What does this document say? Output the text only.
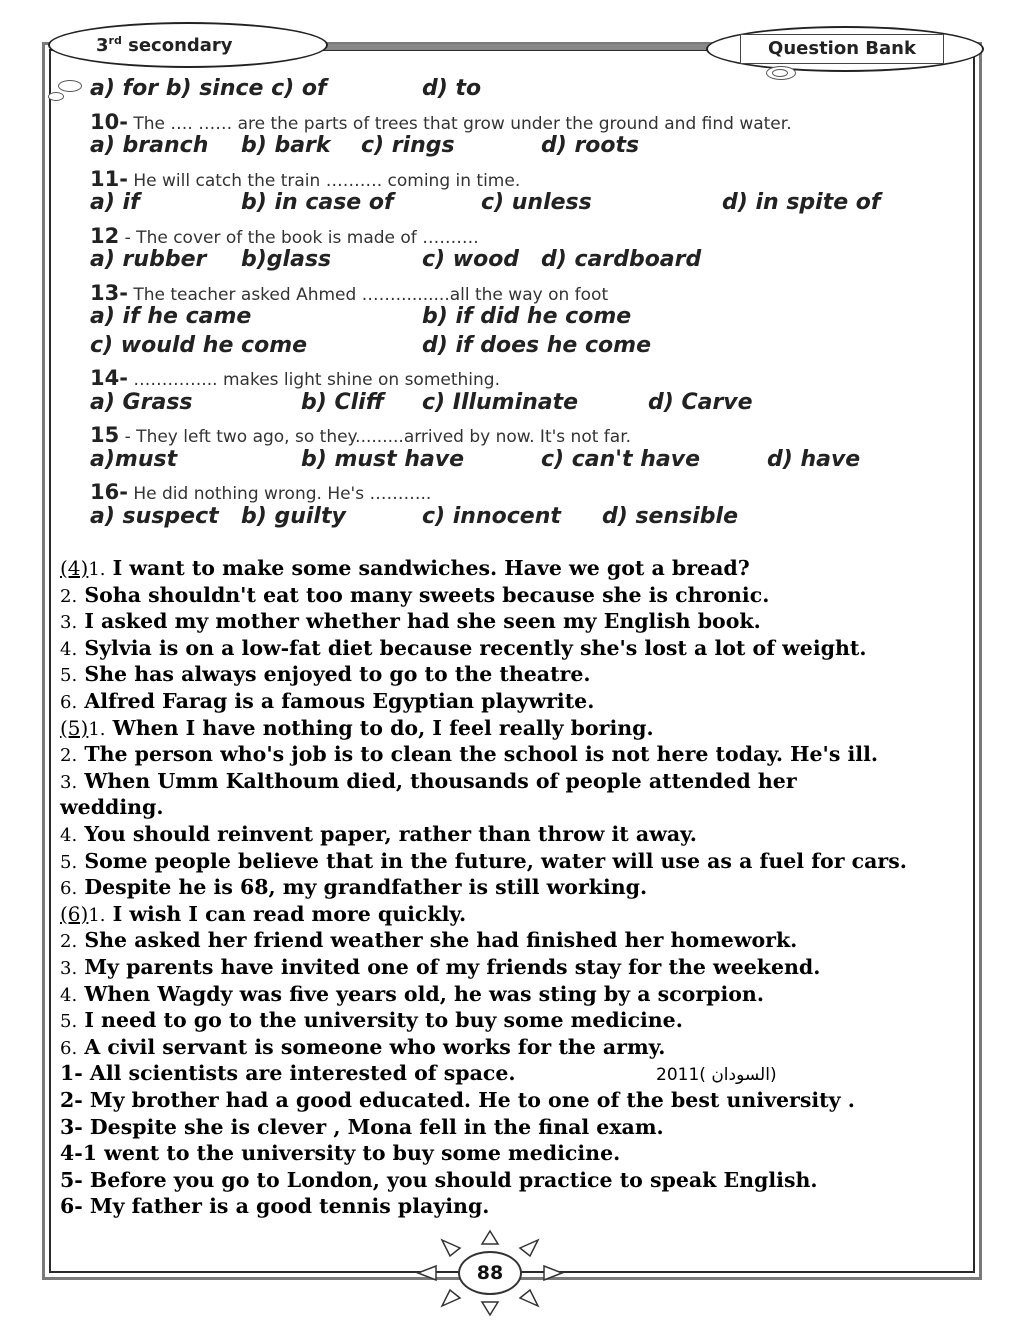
3rd secondary	Question Bank
a) for b) since c) of	d) to
10- The …. …… are the parts of trees that grow under the ground and find water.
a) branch b) bark c) rings	d) roots
11- He will catch the train ………. coming in time.
a) if	b) in case of	c) unless	d) in spite of
12 - The cover of the book is made of ……….
a) rubber b)glass	c) wood d) cardboard
13- The teacher asked Ahmed ……..........all the way on foot
a) if he came	b) if did he come
c) would he come	d) if does he come
14- …………... makes light shine on something.
a) Grass	b) Cliff c) Illuminate	d) Carve
15 - They left two ago, so they.........arrived by now. It's not far.
a)must	b) must have	c) can't have	d) have
16- He did nothing wrong. He's ………..
a) suspect b) guilty	c) innocent d) sensible
(4)1. I want to make some sandwiches. Have we got a bread?
2. Soha shouldn't eat too many sweets because she is chronic.
3. I asked my mother whether had she seen my English book.
4. Sylvia is on a low-fat diet because recently she's lost a lot of weight.
5. She has always enjoyed to go to the theatre.
6. Alfred Farag is a famous Egyptian playwrite.
(5)1. When I have nothing to do, I feel really boring.
2. The person who's job is to clean the school is not here today. He's ill.
3. When Umm Kalthoum died, thousands of people attended her
wedding.
4. You should reinvent paper, rather than throw it away.
5. Some people believe that in the future, water will use as a fuel for cars.
6. Despite he is 68, my grandfather is still working.
(6)1. I wish I can read more quickly.
2. She asked her friend weather she had finished her homework.
3. My parents have invited one of my friends stay for the weekend.
4. When Wagdy was five years old, he was sting by a scorpion.
5. I need to go to the university to buy some medicine.
6. A civil servant is someone who works for the army.
1- All scientists are interested of space.	2011( السودان)
2- My brother had a good educated. He to one of the best university .
3- Despite she is clever , Mona fell in the final exam.
4-1 went to the university to buy some medicine.
5- Before you go to London, you should practice to speak English.
6- My father is a good tennis playing.
88
